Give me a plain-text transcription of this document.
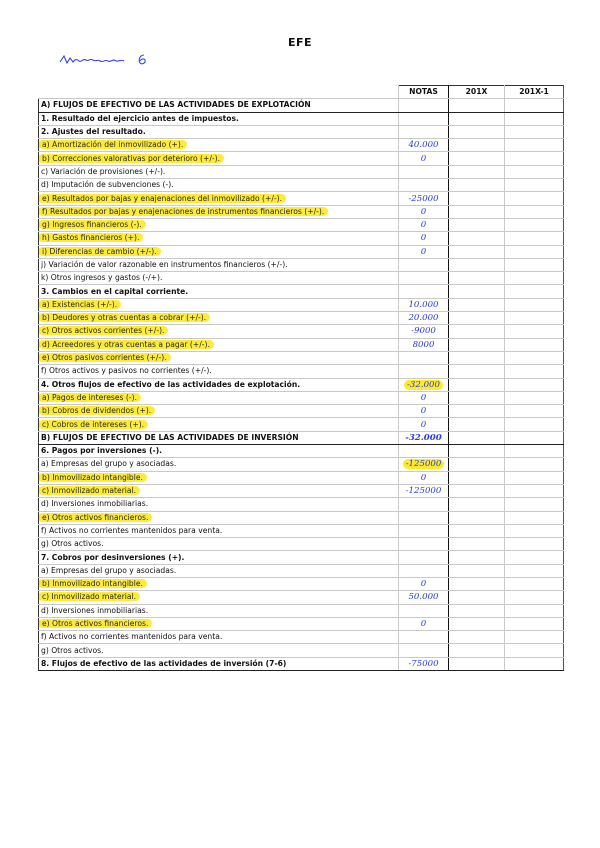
EFE
	NOTAS	201X	201X-1
A) FLUJOS DE EFECTIVO DE LAS ACTIVIDADES DE EXPLOTACIÓN			
1. Resultado del ejercicio antes de impuestos.			
2. Ajustes del resultado.			
a) Amortización del inmovilizado (+).	40.000		
b) Correcciones valorativas por deterioro (+/-).	0		
c) Variación de provisiones (+/-).			
d) Imputación de subvenciones (-).			
e) Resultados por bajas y enajenaciones del inmovilizado (+/-).	-25000		
f) Resultados por bajas y enajenaciones de instrumentos financieros (+/-).	0		
g) Ingresos financieros (-).	0		
h) Gastos financieros (+).	0		
i) Diferencias de cambio (+/-).	0		
j) Variación de valor razonable en instrumentos financieros (+/-).			
k) Otros ingresos y gastos (-/+).			
3. Cambios en el capital corriente.			
a) Existencias (+/-).	10.000		
b) Deudores y otras cuentas a cobrar (+/-).	20.000		
c) Otros activos corrientes (+/-).	-9000		
d) Acreedores y otras cuentas a pagar (+/-).	8000		
e) Otros pasivos corrientes (+/-).			
f) Otros activos y pasivos no corrientes (+/-).			
4. Otros flujos de efectivo de las actividades de explotación.	-32.000		
a) Pagos de intereses (-).	0		
b) Cobros de dividendos (+).	0		
c) Cobros de intereses (+).	0		
B) FLUJOS DE EFECTIVO DE LAS ACTIVIDADES DE INVERSIÓN	-32.000		
6. Pagos por inversiones (-).			
a) Empresas del grupo y asociadas.	-125000		
b) Inmovilizado intangible.	0		
c) Inmovilizado material.	-125000		
d) Inversiones inmobiliarias.			
e) Otros activos financieros.			
f) Activos no corrientes mantenidos para venta.			
g) Otros activos.			
7. Cobros por desinversiones (+).			
a) Empresas del grupo y asociadas.			
b) Inmovilizado intangible.	0		
c) Inmovilizado material.	50.000		
d) Inversiones inmobiliarias.			
e) Otros activos financieros.	0		
f) Activos no corrientes mantenidos para venta.			
g) Otros activos.			
8. Flujos de efectivo de las actividades de inversión (7-6)	-75000		
